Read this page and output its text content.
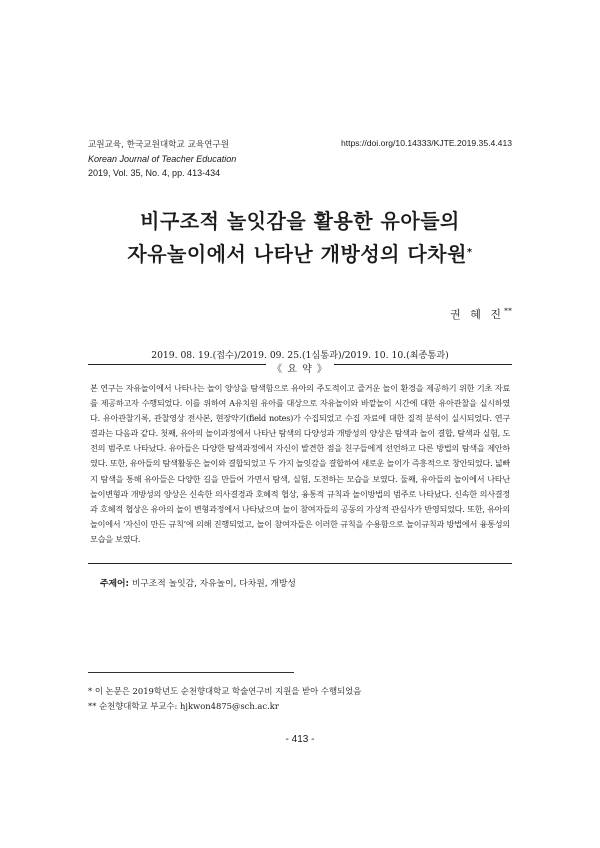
교원교육, 한국교원대학교 교육연구원
Korean Journal of Teacher Education
2019, Vol. 35, No. 4, pp. 413-434
https://doi.org/10.14333/KJTE.2019.35.4.413
비구조적 놀잇감을 활용한 유아들의
자유놀이에서 나타난 개방성의 다차원*
권 혜 진**
2019. 08. 19.(접수)/2019. 09. 25.(1심통과)/2019. 10. 10.(최종통과)
《 요 약 》
본 연구는 자유놀이에서 나타나는 놀이 양상을 탐색함으로 유아의 주도적이고 즐거운 놀이 환경을 제공하기 위한 기초 자료를 제공하고자 수행되었다. 이를 위하여 A유치원 유아를 대상으로 자유놀이와 바깥놀이 시간에 대한 유아관찰을 실시하였다. 유아관찰기록, 관찰영상 전사본, 현장약기(field notes)가 수집되었고 수집 자료에 대한 질적 분석이 실시되었다. 연구 결과는 다음과 같다. 첫째, 유아의 놀이과정에서 나타난 탐색의 다양성과 개방성의 양상은 탐색과 놀이 결합, 탐색과 실험, 도전의 범주로 나타났다. 유아들은 다양한 탐색과정에서 자신이 발견한 점을 친구들에게 선언하고 다른 방법의 탐색을 제안하였다. 또한, 유아들의 탐색활동은 놀이와 결합되었고 두 가지 놀잇감을 결합하여 새로운 놀이가 즉흥적으로 창안되었다. 넓빠지 탐색을 통해 유아들은 다양한 길을 만들어 가면서 탐색, 실험, 도전하는 모습을 보였다. 둘째, 유아들의 놀이에서 나타난 놀이변형과 개방성의 양상은 신속한 의사결경과 호혜적 협상, 융통적 규칙과 놀이방법의 범주로 나타났다. 신속한 의사결정과 호혜적 협상은 유아의 놀이 변형과정에서 나타났으며 놀이 참여자들의 공동의 가상적 관심사가 반영되었다. 또한, 유아의 놀이에서 ‘자신이 만든 규칙’에 의해 진행되었고, 놀이 참여자들은 이러한 규칙을 수용함으로 놀이규칙과 방법에서 융통성의 모습을 보였다.
주제어: 비구조적 놀잇감, 자유놀이, 다차원, 개방성
* 이 논문은 2019학년도 순천향대학교 학술연구비 지원을 받아 수행되었음
** 순천향대학교 부교수: hjkwon4875@sch.ac.kr
- 413 -
